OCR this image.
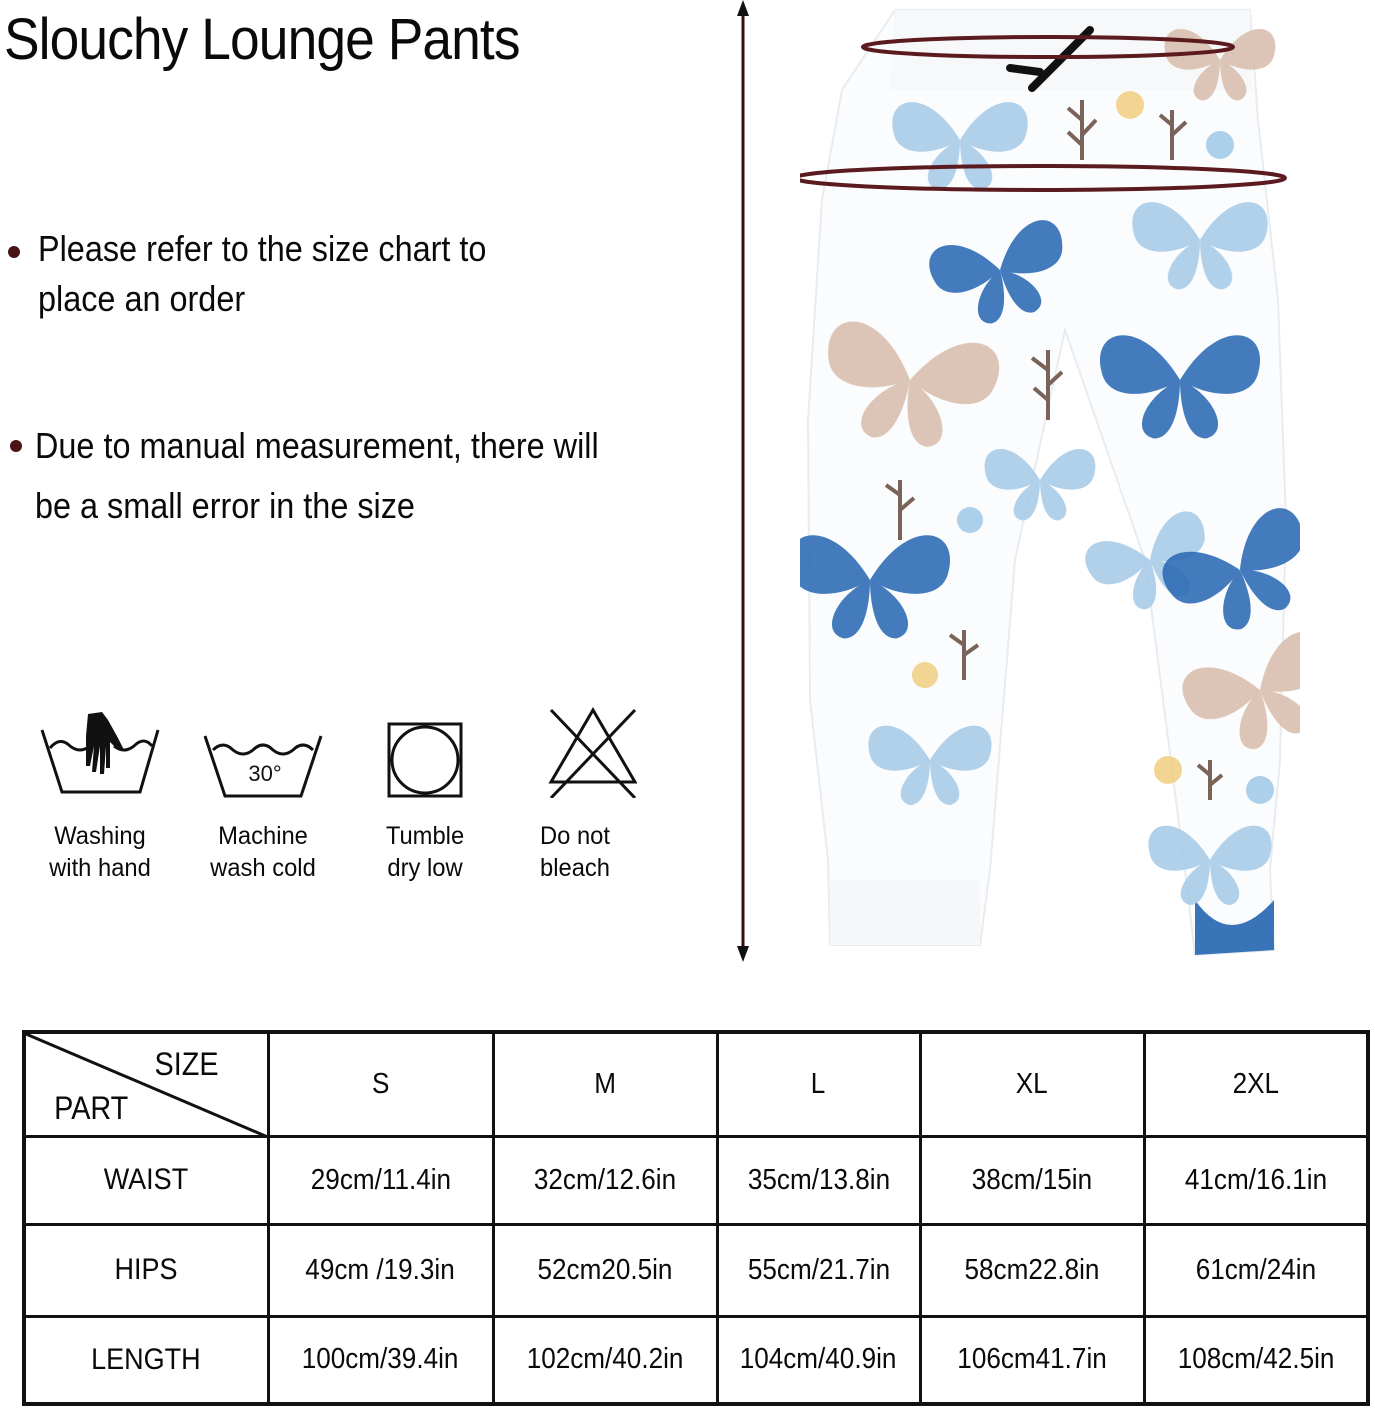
Slouchy Lounge Pants
Please refer to the size chart to
place an order
Due to manual measurement, there will
be a small error in the size
Washing
with hand
30°
Machine
wash cold
Tumble
dry low
Do not
bleach
SIZE
PART	S	M	L	XL	2XL
WAIST	29cm/11.4in	32cm/12.6in	35cm/13.8in	38cm/15in	41cm/16.1in
HIPS	49cm /19.3in	52cm20.5in	55cm/21.7in	58cm22.8in	61cm/24in
LENGTH	100cm/39.4in	102cm/40.2in	104cm/40.9in	106cm41.7in	108cm/42.5in
